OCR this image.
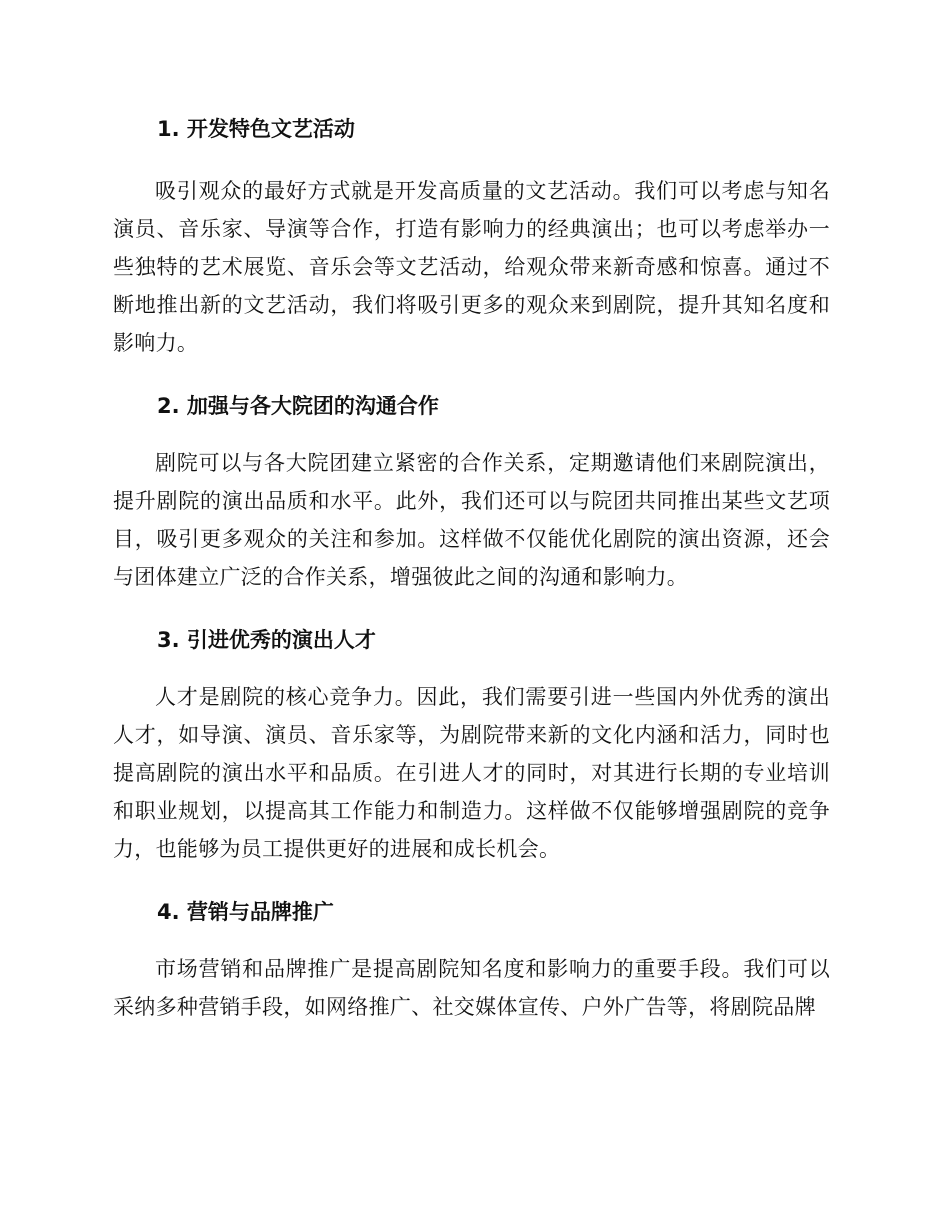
1. 开发特色文艺活动

吸引观众的最好方式就是开发高质量的文艺活动。我们可以考虑与知名演员、音乐家、导演等合作，打造有影响力的经典演出；也可以考虑举办一些独特的艺术展览、音乐会等文艺活动，给观众带来新奇感和惊喜。通过不断地推出新的文艺活动，我们将吸引更多的观众来到剧院，提升其知名度和影响力。

2. 加强与各大院团的沟通合作

剧院可以与各大院团建立紧密的合作关系，定期邀请他们来剧院演出，提升剧院的演出品质和水平。此外，我们还可以与院团共同推出某些文艺项目，吸引更多观众的关注和参加。这样做不仅能优化剧院的演出资源，还会与团体建立广泛的合作关系，增强彼此之间的沟通和影响力。

3. 引进优秀的演出人才

人才是剧院的核心竞争力。因此，我们需要引进一些国内外优秀的演出人才，如导演、演员、音乐家等，为剧院带来新的文化内涵和活力，同时也提高剧院的演出水平和品质。在引进人才的同时，对其进行长期的专业培训和职业规划，以提高其工作能力和制造力。这样做不仅能够增强剧院的竞争力，也能够为员工提供更好的进展和成长机会。

4. 营销与品牌推广

市场营销和品牌推广是提高剧院知名度和影响力的重要手段。我们可以采纳多种营销手段，如网络推广、社交媒体宣传、户外广告等，将剧院品牌
